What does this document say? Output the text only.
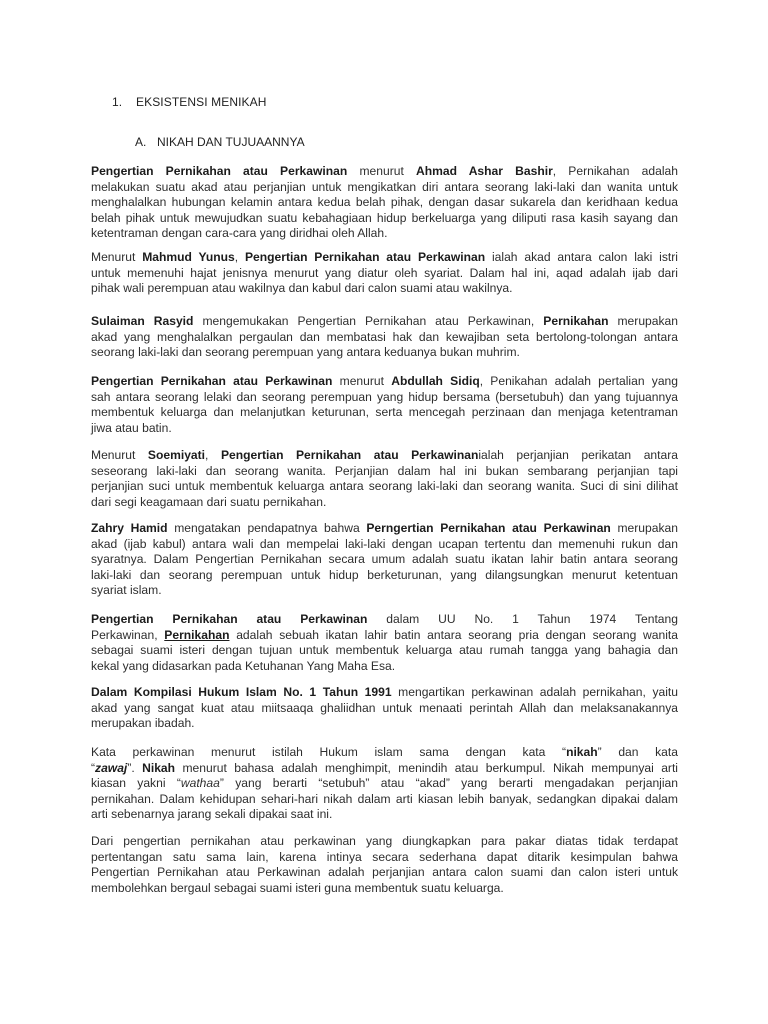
1. EKSISTENSI MENIKAH
A. NIKAH DAN TUJUAANNYA
Pengertian Pernikahan atau Perkawinan menurut Ahmad Ashar Bashir, Pernikahan adalah
melakukan suatu akad atau perjanjian untuk mengikatkan diri antara seorang laki-laki dan wanita untuk
menghalalkan hubungan kelamin antara kedua belah pihak, dengan dasar sukarela dan keridhaan kedua
belah pihak untuk mewujudkan suatu kebahagiaan hidup berkeluarga yang diliputi rasa kasih sayang dan
ketentraman dengan cara-cara yang diridhai oleh Allah.
Menurut Mahmud Yunus, Pengertian Pernikahan atau Perkawinan ialah akad antara calon laki istri
untuk memenuhi hajat jenisnya menurut yang diatur oleh syariat. Dalam hal ini, aqad adalah ijab dari
pihak wali perempuan atau wakilnya dan kabul dari calon suami atau wakilnya.
Sulaiman Rasyid mengemukakan Pengertian Pernikahan atau Perkawinan, Pernikahan merupakan
akad yang menghalalkan pergaulan dan membatasi hak dan kewajiban seta bertolong-tolongan antara
seorang laki-laki dan seorang perempuan yang antara keduanya bukan muhrim.
Pengertian Pernikahan atau Perkawinan menurut Abdullah Sidiq, Penikahan adalah pertalian yang
sah antara seorang lelaki dan seorang perempuan yang hidup bersama (bersetubuh) dan yang tujuannya
membentuk keluarga dan melanjutkan keturunan, serta mencegah perzinaan dan menjaga ketentraman
jiwa atau batin.
Menurut Soemiyati, Pengertian Pernikahan atau Perkawinanialah perjanjian perikatan antara
seseorang laki-laki dan seorang wanita. Perjanjian dalam hal ini bukan sembarang perjanjian tapi
perjanjian suci untuk membentuk keluarga antara seorang laki-laki dan seorang wanita. Suci di sini dilihat
dari segi keagamaan dari suatu pernikahan.
Zahry Hamid mengatakan pendapatnya bahwa Perngertian Pernikahan atau Perkawinan merupakan
akad (ijab kabul) antara wali dan mempelai laki-laki dengan ucapan tertentu dan memenuhi rukun dan
syaratnya. Dalam Pengertian Pernikahan secara umum adalah suatu ikatan lahir batin antara seorang
laki-laki dan seorang perempuan untuk hidup berketurunan, yang dilangsungkan menurut ketentuan
syariat islam.
Pengertian Pernikahan atau Perkawinan dalam UU No. 1 Tahun 1974 Tentang
Perkawinan, Pernikahan adalah sebuah ikatan lahir batin antara seorang pria dengan seorang wanita
sebagai suami isteri dengan tujuan untuk membentuk keluarga atau rumah tangga yang bahagia dan
kekal yang didasarkan pada Ketuhanan Yang Maha Esa.
Dalam Kompilasi Hukum Islam No. 1 Tahun 1991 mengartikan perkawinan adalah pernikahan, yaitu
akad yang sangat kuat atau miitsaaqa ghaliidhan untuk menaati perintah Allah dan melaksanakannya
merupakan ibadah.
Kata perkawinan menurut istilah Hukum islam sama dengan kata “nikah” dan kata
“zawaj”. Nikah menurut bahasa adalah menghimpit, menindih atau berkumpul. Nikah mempunyai arti
kiasan yakni “wathaa” yang berarti “setubuh” atau “akad” yang berarti mengadakan perjanjian
pernikahan. Dalam kehidupan sehari-hari nikah dalam arti kiasan lebih banyak, sedangkan dipakai dalam
arti sebenarnya jarang sekali dipakai saat ini.
Dari pengertian pernikahan atau perkawinan yang diungkapkan para pakar diatas tidak terdapat
pertentangan satu sama lain, karena intinya secara sederhana dapat ditarik kesimpulan bahwa
Pengertian Pernikahan atau Perkawinan adalah perjanjian antara calon suami dan calon isteri untuk
membolehkan bergaul sebagai suami isteri guna membentuk suatu keluarga.
